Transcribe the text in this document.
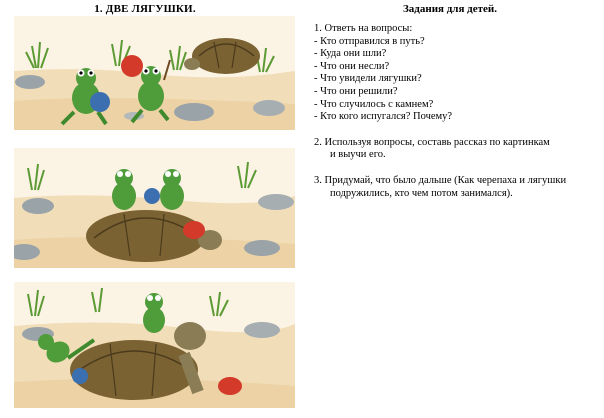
1. ДВЕ ЛЯГУШКИ.	Задания для детей.
1. Ответь на вопросы:
- Кто отправился в путь?
- Куда они шли?
- Что они несли?
- Что увидели лягушки?
- Что они решили?
- Что случилось с камнем?
- Кто кого испугался? Почему?
2. Используя вопросы, составь рассказ по картинкам
и выучи его.
3. Придумай, что было дальше (Как черепаха и лягушки
подружились, кто чем потом занимался).
